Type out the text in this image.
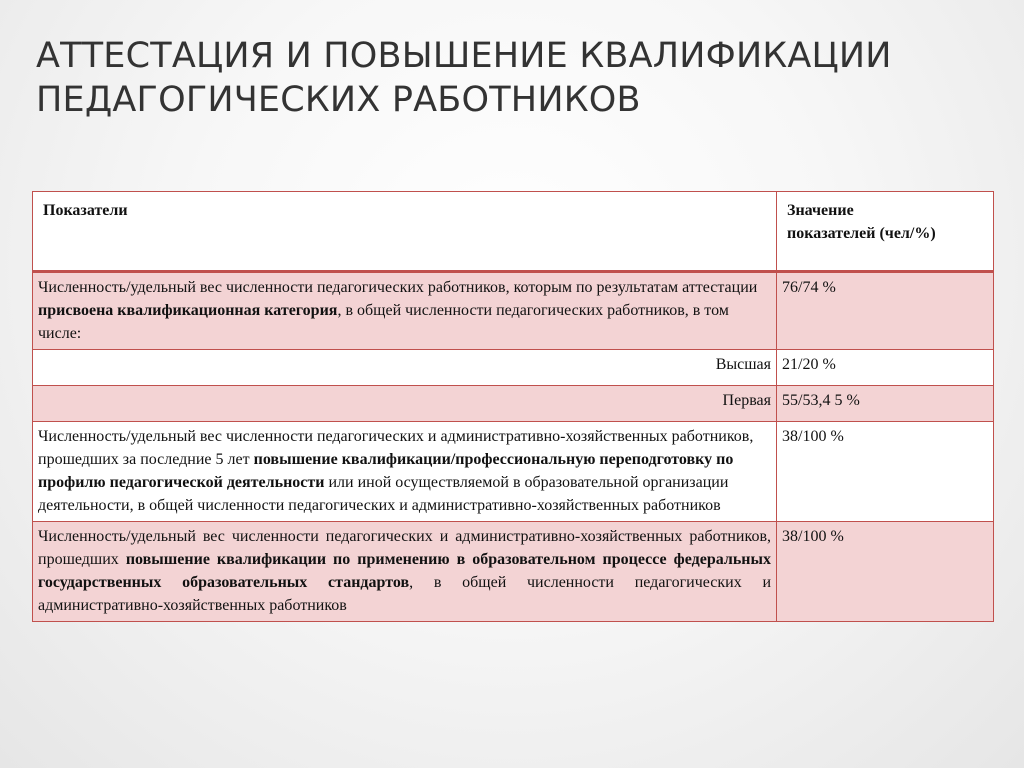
АТТЕСТАЦИЯ И ПОВЫШЕНИЕ КВАЛИФИКАЦИИ
ПЕДАГОГИЧЕСКИХ РАБОТНИКОВ
Показатели	Значение
показателей (чел/%)
Численность/удельный вес численности педагогических работников, которым по результатам аттестации присвоена квалификационная категория, в общей численности педагогических работников, в том числе:	76/74 %
Высшая	21/20 %
Первая	55/53,4 5 %
Численность/удельный вес численности педагогических и административно-хозяйственных работников, прошедших за последние 5 лет повышение квалификации/профессиональную переподготовку по профилю педагогической деятельности или иной осуществляемой в образовательной организации деятельности, в общей численности педагогических и административно-хозяйственных работников	38/100 %
Численность/удельный вес численности педагогических и административно-хозяйственных работников, прошедших повышение квалификации по применению в образовательном процессе федеральных государственных образовательных стандартов, в общей численности педагогических и административно-хозяйственных работников	38/100 %
